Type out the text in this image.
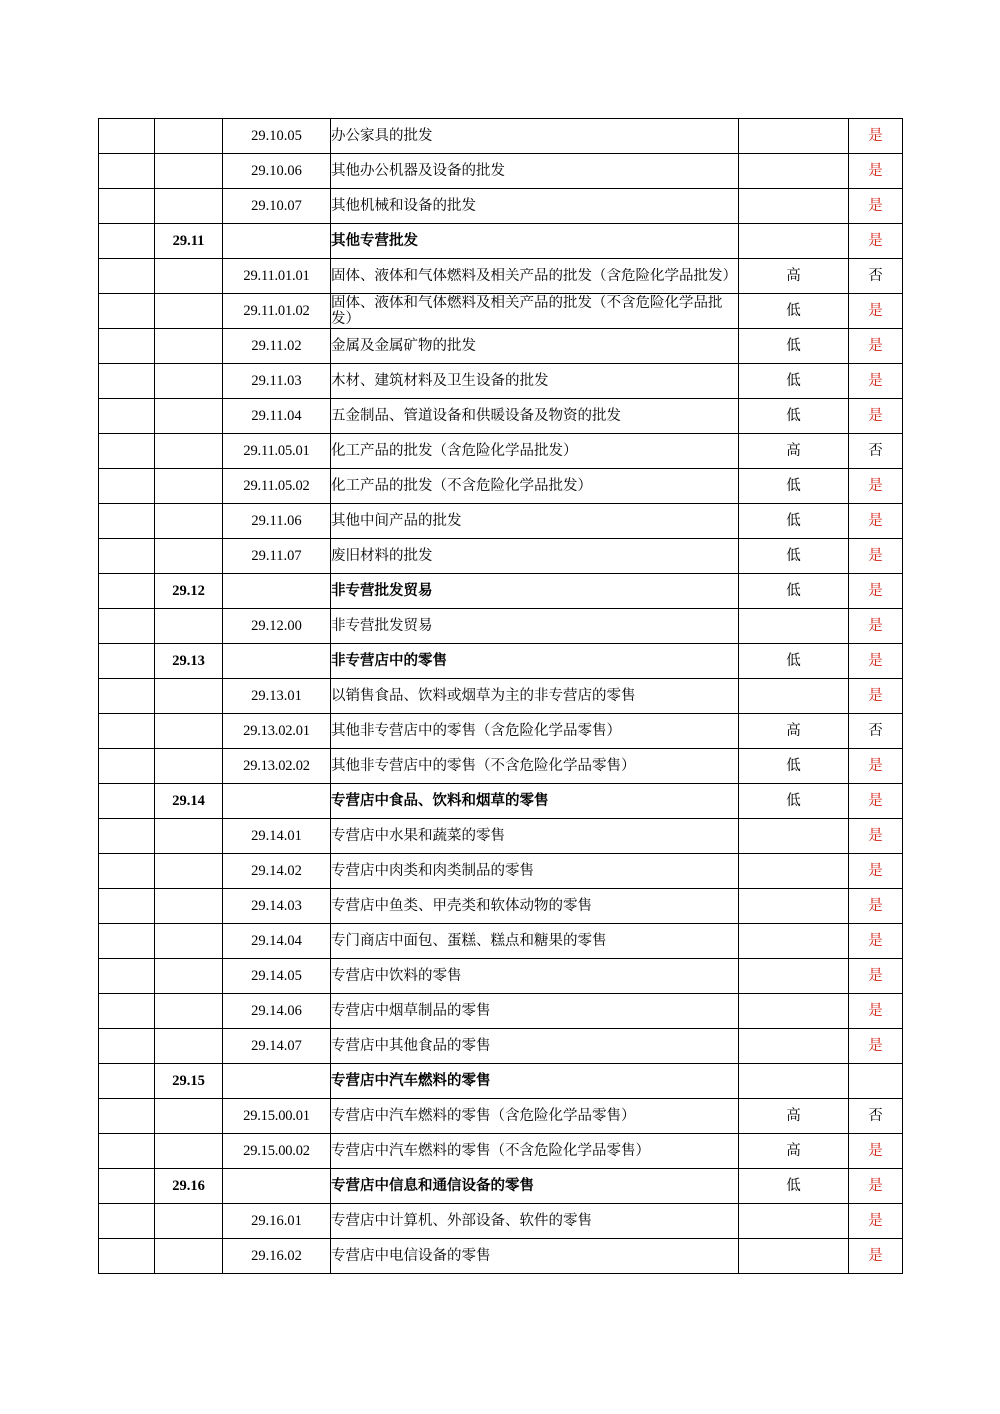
		29.10.05	办公家具的批发		是
		29.10.06	其他办公机器及设备的批发		是
		29.10.07	其他机械和设备的批发		是
	29.11		其他专营批发		是
		29.11.01.01	固体、液体和气体燃料及相关产品的批发（含危险化学品批发）	高	否
		29.11.01.02	固体、液体和气体燃料及相关产品的批发（不含危险化学品批发）	低	是
		29.11.02	金属及金属矿物的批发	低	是
		29.11.03	木材、建筑材料及卫生设备的批发	低	是
		29.11.04	五金制品、管道设备和供暖设备及物资的批发	低	是
		29.11.05.01	化工产品的批发（含危险化学品批发）	高	否
		29.11.05.02	化工产品的批发（不含危险化学品批发）	低	是
		29.11.06	其他中间产品的批发	低	是
		29.11.07	废旧材料的批发	低	是
	29.12		非专营批发贸易	低	是
		29.12.00	非专营批发贸易		是
	29.13		非专营店中的零售	低	是
		29.13.01	以销售食品、饮料或烟草为主的非专营店的零售		是
		29.13.02.01	其他非专营店中的零售（含危险化学品零售）	高	否
		29.13.02.02	其他非专营店中的零售（不含危险化学品零售）	低	是
	29.14		专营店中食品、饮料和烟草的零售	低	是
		29.14.01	专营店中水果和蔬菜的零售		是
		29.14.02	专营店中肉类和肉类制品的零售		是
		29.14.03	专营店中鱼类、甲壳类和软体动物的零售		是
		29.14.04	专门商店中面包、蛋糕、糕点和糖果的零售		是
		29.14.05	专营店中饮料的零售		是
		29.14.06	专营店中烟草制品的零售		是
		29.14.07	专营店中其他食品的零售		是
	29.15		专营店中汽车燃料的零售		
		29.15.00.01	专营店中汽车燃料的零售（含危险化学品零售）	高	否
		29.15.00.02	专营店中汽车燃料的零售（不含危险化学品零售）	高	是
	29.16		专营店中信息和通信设备的零售	低	是
		29.16.01	专营店中计算机、外部设备、软件的零售		是
		29.16.02	专营店中电信设备的零售		是
